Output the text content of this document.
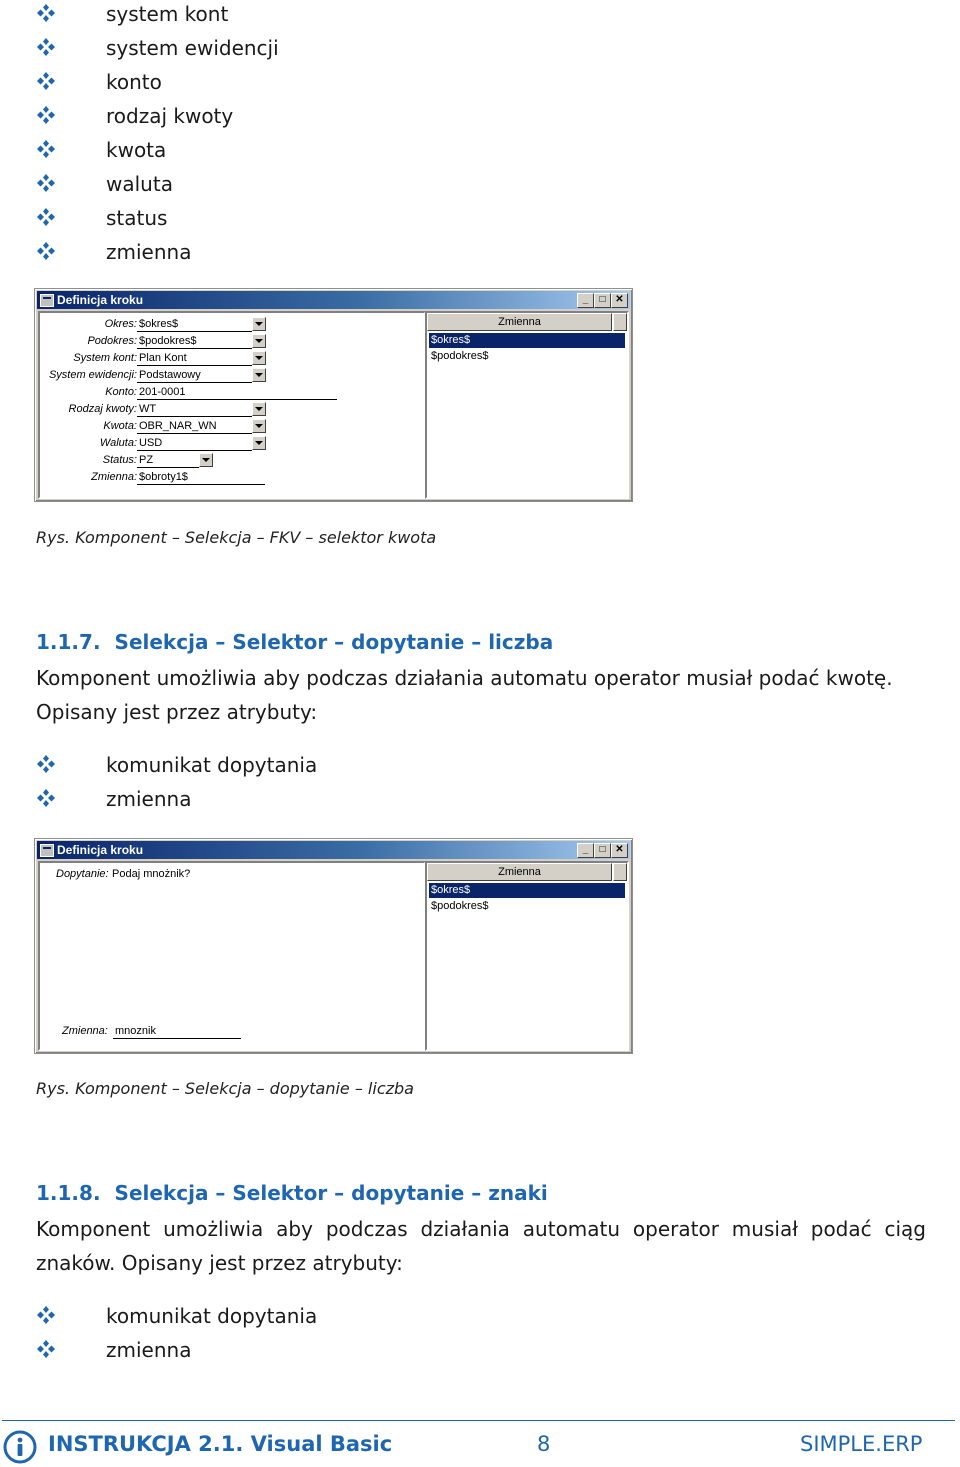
system kont
system ewidencji
konto
rodzaj kwoty
kwota
waluta
status
zmienna
Definicja kroku	_	□ ✕
Okres: $okres$
Podokres: $podokres$
System kont: Plan Kont
System ewidencji: Podstawowy
Konto: 201-0001
Rodzaj kwoty: WT
Kwota: OBR_NAR_WN
Waluta: USD
Status: PZ
Zmienna: $obroty1$
Zmienna
$okres$
$podokres$
Rys. Komponent – Selekcja – FKV – selektor kwota
1.1.7. Selekcja – Selektor – dopytanie – liczba

Komponent umożliwia aby podczas działania automatu operator musiał podać kwotę. Opisany jest przez atrybuty:

komunikat dopytania
zmienna
Definicja kroku	_	□ ✕
Dopytanie: Podaj mnożnik?
Zmienna: mnoznik
Zmienna
$okres$
$podokres$
Rys. Komponent – Selekcja – dopytanie – liczba
1.1.8. Selekcja – Selektor – dopytanie – znaki

Komponent umożliwia aby podczas działania automatu operator musiał podać ciąg znaków. Opisany jest przez atrybuty:

komunikat dopytania
zmienna
INSTRUKCJA 2.1. Visual Basic	8	SIMPLE.ERP
